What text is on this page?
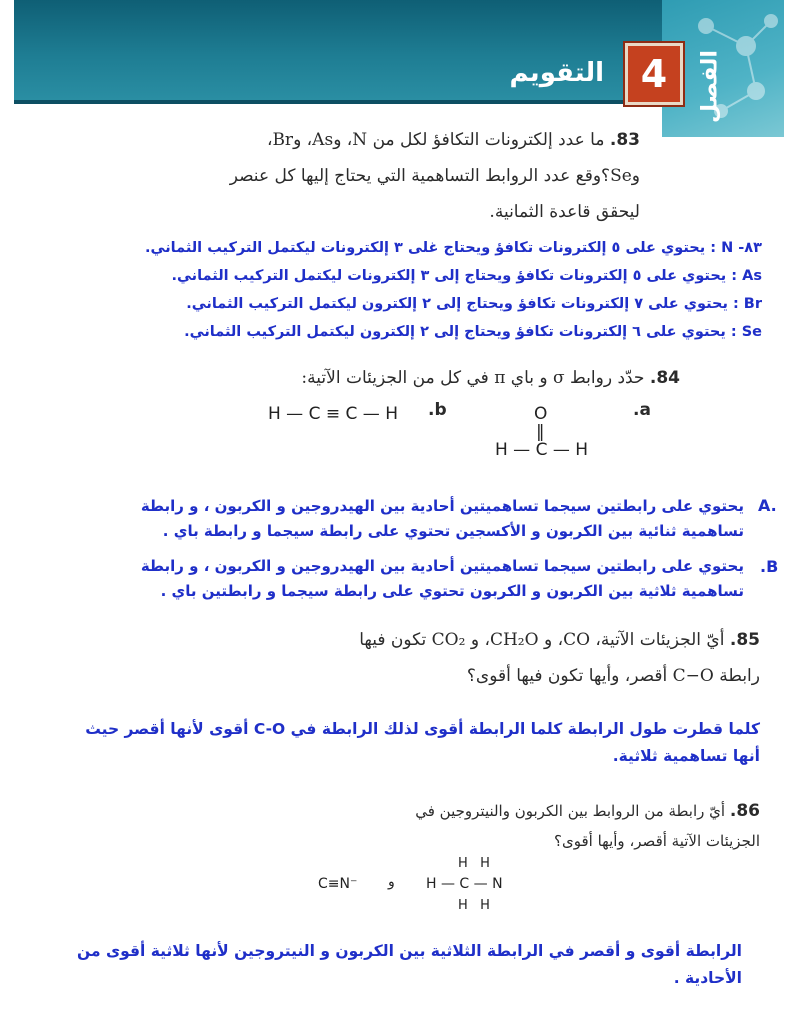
التقويم 4	الفصل
83. ما عدد إلكترونات التكافؤ لكل من N، وAs، وBr،
وSe؟وقع عدد الروابط التساهمية التي يحتاج إليها كل عنصر
ليحقق قاعدة الثمانية.
٨٣- N : يحتوي على ٥ إلكترونات تكافؤ ويحتاج غلى ٣ إلكترونات ليكتمل التركيب الثماني.
As : يحتوي على ٥ إلكترونات تكافؤ ويحتاج إلى ٣ إلكترونات ليكتمل التركيب الثماني.
Br : يحتوي على ٧ إلكترونات تكافؤ ويحتاج إلى ٢ إلكترون ليكتمل التركيب الثماني.
Se : يحتوي على ٦ إلكترونات تكافؤ ويحتاج إلى ٢ إلكترون ليكتمل التركيب الثماني.
84. حدّد روابط σ و باي π في كل من الجزيئات الآتية:
H — C ≡ C — H .b	O
‖
H — C — H
.a
A.
يحتوي على رابطتين سيجما تساهميتين أحادية بين الهيدروجين و الكربون ، و رابطة تساهمية ثنائية بين الكربون و الأكسجين تحتوي على رابطة سيجما و رابطة باي .
.B
يحتوي على رابطتين سيجما تساهميتين أحادية بين الهيدروجين و الكربون ، و رابطة تساهمية ثلاثية بين الكربون و الكربون تحتوي على رابطة سيجما و رابطتين باي .
85. أيّ الجزيئات الآتية، CO، و CH₂O، و CO₂ تكون فيها
رابطة C−O أقصر، وأيها تكون فيها أقوى؟
كلما قطرت طول الرابطة كلما الرابطة أقوى لذلك الرابطة في C-O أقوى لأنها أقصر حيث أنها تساهمية ثلاثية.
86. أيّ رابطة من الروابط بين الكربون والنيتروجين في
الجزيئات الآتية أقصر، وأيها أقوى؟
C≡N⁻ و
H   H
H — C — N
H   H
الرابطة أقوى و أقصر في الرابطة الثلاثية بين الكربون و النيتروجين لأنها ثلاثية أقوى من الأحادية .
